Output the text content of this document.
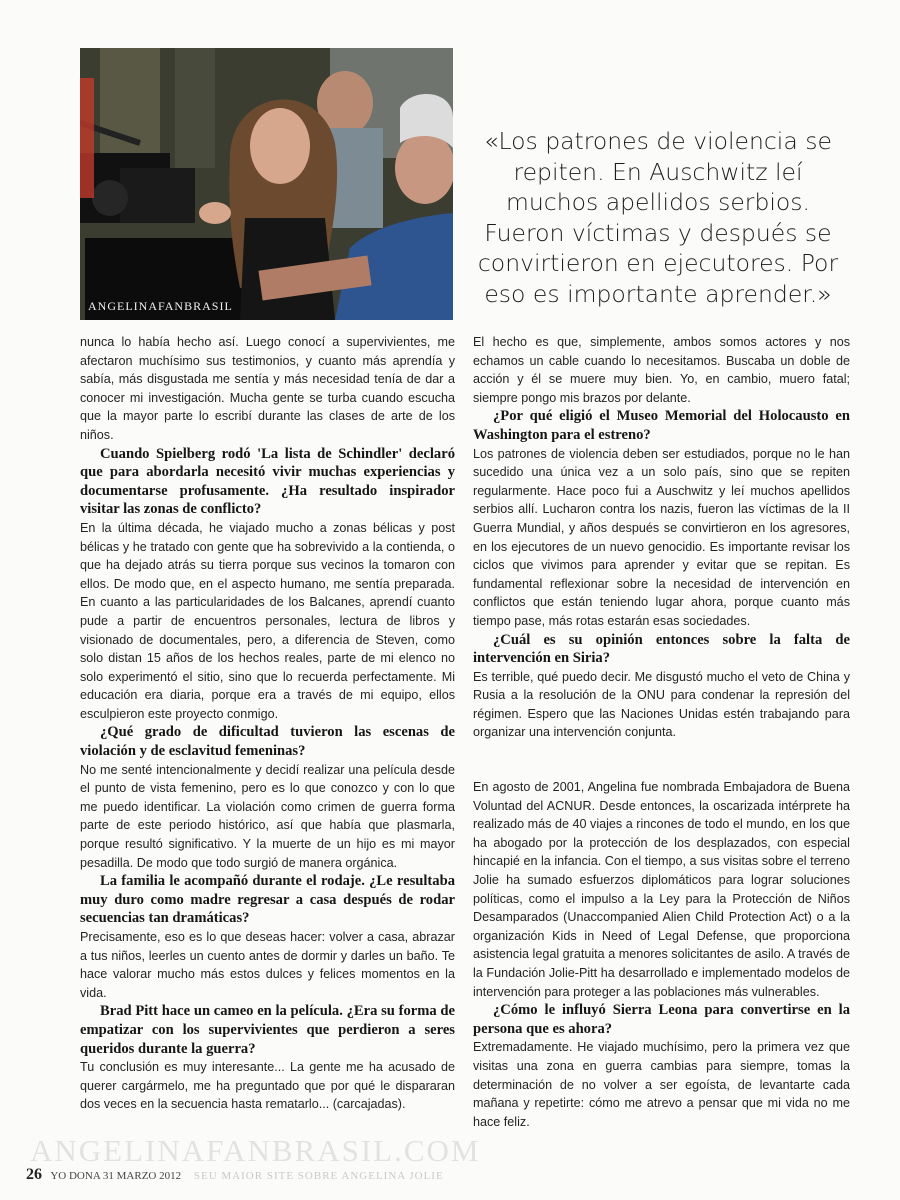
ANGELINAFANBRASIL
«Los patrones de violencia se repiten. En Auschwitz leí muchos apellidos serbios. Fueron víctimas y después se convirtieron en ejecutores. Por eso es importante aprender.»

nunca lo había hecho así. Luego conocí a supervivientes, me afectaron muchísimo sus testimonios, y cuanto más aprendía y sabía, más disgustada me sentía y más necesidad tenía de dar a conocer mi investigación. Mucha gente se turba cuando escucha que la mayor parte lo escribí durante las clases de arte de los niños.

Cuando Spielberg rodó 'La lista de Schindler' declaró que para abordarla necesitó vivir muchas experiencias y documentarse profusamente. ¿Ha resultado inspirador visitar las zonas de conflicto?

En la última década, he viajado mucho a zonas bélicas y post bélicas y he tratado con gente que ha sobrevivido a la contienda, o que ha dejado atrás su tierra porque sus vecinos la tomaron con ellos. De modo que, en el aspecto humano, me sentía preparada. En cuanto a las particularidades de los Balcanes, aprendí cuanto pude a partir de encuentros personales, lectura de libros y visionado de documentales, pero, a diferencia de Steven, como solo distan 15 años de los hechos reales, parte de mi elenco no solo experimentó el sitio, sino que lo recuerda perfectamente. Mi educación era diaria, porque era a través de mi equipo, ellos esculpieron este proyecto conmigo.

¿Qué grado de dificultad tuvieron las escenas de violación y de esclavitud femeninas?

No me senté intencionalmente y decidí realizar una película desde el punto de vista femenino, pero es lo que conozco y con lo que me puedo identificar. La violación como crimen de guerra forma parte de este periodo histórico, así que había que plasmarla, porque resultó significativo. Y la muerte de un hijo es mi mayor pesadilla. De modo que todo surgió de manera orgánica.

La familia le acompañó durante el rodaje. ¿Le resultaba muy duro como madre regresar a casa después de rodar secuencias tan dramáticas?

Precisamente, eso es lo que deseas hacer: volver a casa, abrazar a tus niños, leerles un cuento antes de dormir y darles un baño. Te hace valorar mucho más estos dulces y felices momentos en la vida.

Brad Pitt hace un cameo en la película. ¿Era su forma de empatizar con los supervivientes que perdieron a seres queridos durante la guerra?

Tu conclusión es muy interesante... La gente me ha acusado de querer cargármelo, me ha preguntado que por qué le dispararan dos veces en la secuencia hasta rematarlo... (carcajadas).

El hecho es que, simplemente, ambos somos actores y nos echamos un cable cuando lo necesitamos. Buscaba un doble de acción y él se muere muy bien. Yo, en cambio, muero fatal; siempre pongo mis brazos por delante.

¿Por qué eligió el Museo Memorial del Holocausto en Washington para el estreno?

Los patrones de violencia deben ser estudiados, porque no le han sucedido una única vez a un solo país, sino que se repiten regularmente. Hace poco fui a Auschwitz y leí muchos apellidos serbios allí. Lucharon contra los nazis, fueron las víctimas de la II Guerra Mundial, y años después se convirtieron en los agresores, en los ejecutores de un nuevo genocidio. Es importante revisar los ciclos que vivimos para aprender y evitar que se repitan. Es fundamental reflexionar sobre la necesidad de intervención en conflictos que están teniendo lugar ahora, porque cuanto más tiempo pase, más rotas estarán esas sociedades.

¿Cuál es su opinión entonces sobre la falta de intervención en Siria?

Es terrible, qué puedo decir. Me disgustó mucho el veto de China y Rusia a la resolución de la ONU para condenar la represión del régimen. Espero que las Naciones Unidas estén trabajando para organizar una intervención conjunta.

En agosto de 2001, Angelina fue nombrada Embajadora de Buena Voluntad del ACNUR. Desde entonces, la oscarizada intérprete ha realizado más de 40 viajes a rincones de todo el mundo, en los que ha abogado por la protección de los desplazados, con especial hincapié en la infancia. Con el tiempo, a sus visitas sobre el terreno Jolie ha sumado esfuerzos diplomáticos para lograr soluciones políticas, como el impulso a la Ley para la Protección de Niños Desamparados (Unaccompanied Alien Child Protection Act) o a la organización Kids in Need of Legal Defense, que proporciona asistencia legal gratuita a menores solicitantes de asilo. A través de la Fundación Jolie-Pitt ha desarrollado e implementado modelos de intervención para proteger a las poblaciones más vulnerables.

¿Cómo le influyó Sierra Leona para convertirse en la persona que es ahora?

Extremadamente. He viajado muchísimo, pero la primera vez que visitas una zona en guerra cambias para siempre, tomas la determinación de no volver a ser egoísta, de levantarte cada mañana y repetirte: cómo me atrevo a pensar que mi vida no me hace feliz.

ANGELINAFANBRASIL.COM
26 YO DONA 31 MARZO 2012 SEU MAIOR SITE SOBRE ANGELINA JOLIE
